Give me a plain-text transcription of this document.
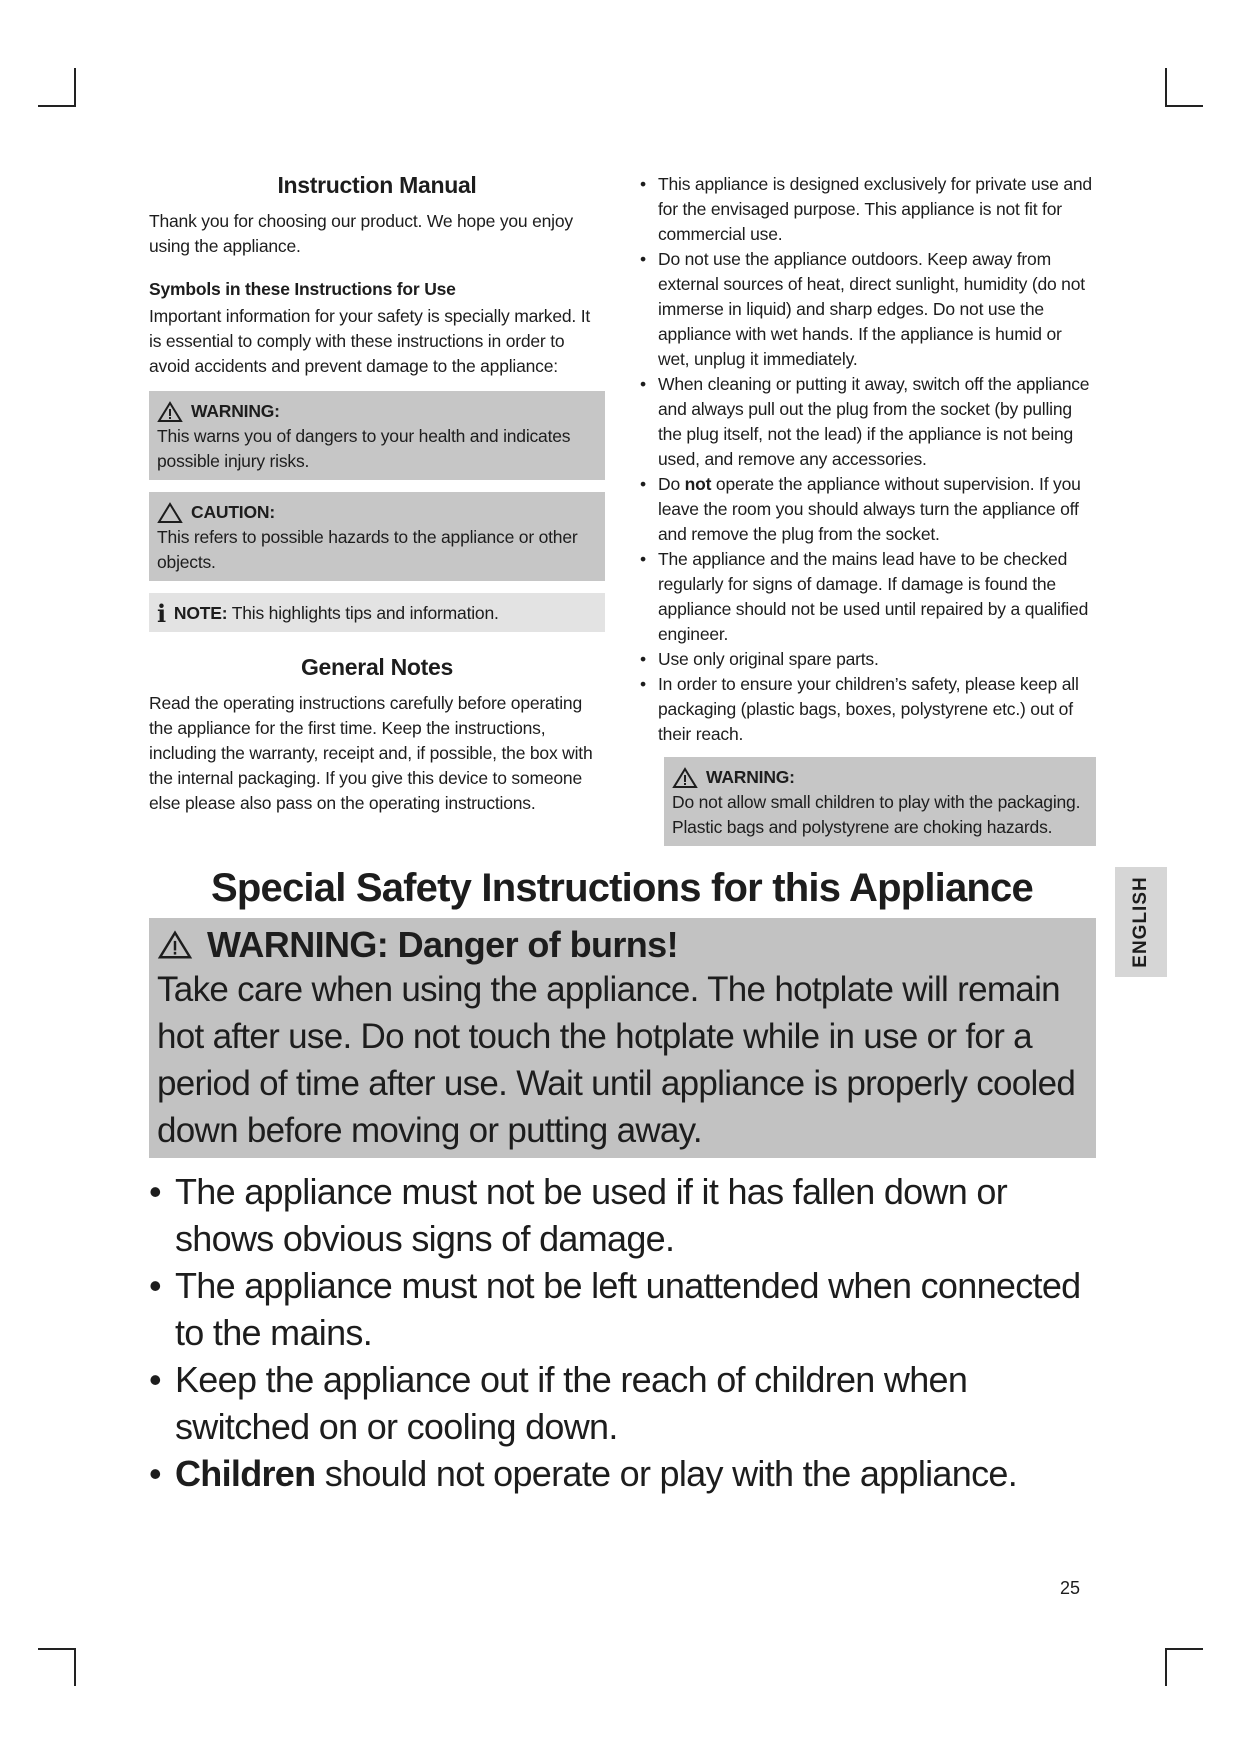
Instruction Manual

Thank you for choosing our product. We hope you enjoy using the appliance.

Symbols in these Instructions for Use

Important information for your safety is specially marked. It is essential to comply with these instructions in order to avoid accidents and prevent damage to the appliance:

WARNING:
This warns you of dangers to your health and indicates possible injury risks.
CAUTION:
This refers to possible hazards to the appliance or other objects.
i NOTE: This highlights tips and information.
General Notes

Read the operating instructions carefully before operating the appliance for the first time. Keep the instructions, including the warranty, receipt and, if possible, the box with the internal packaging. If you give this device to someone else please also pass on the operating instructions.

• This appliance is designed exclusively for private use and for the envisaged purpose. This appliance is not fit for commercial use.
• Do not use the appliance outdoors. Keep away from external sources of heat, direct sunlight, humidity (do not immerse in liquid) and sharp edges. Do not use the appliance with wet hands. If the appliance is humid or wet, unplug it immediately.
• When cleaning or putting it away, switch off the appliance and always pull out the plug from the socket (by pulling the plug itself, not the lead) if the appliance is not being used, and remove any accessories.
• Do not operate the appliance without supervision. If you leave the room you should always turn the appliance off and remove the plug from the socket.
• The appliance and the mains lead have to be checked regularly for signs of damage. If damage is found the appliance should not be used until repaired by a qualified engineer.
• Use only original spare parts.
• In order to ensure your children’s safety, please keep all packaging (plastic bags, boxes, polystyrene etc.) out of their reach.
WARNING:
Do not allow small children to play with the packaging. Plastic bags and polystyrene are choking hazards.
Special Safety Instructions for this Appliance
WARNING: Danger of burns!
Take care when using the appliance. The hotplate will remain hot after use. Do not touch the hotplate while in use or for a period of time after use. Wait until appliance is properly cooled down before moving or putting away.
• The appliance must not be used if it has fallen down or shows obvious signs of damage.
• The appliance must not be left unattended when connected to the mains.
• Keep the appliance out if the reach of children when switched on or cooling down.
• Children should not operate or play with the appliance.
ENGLISH
25
